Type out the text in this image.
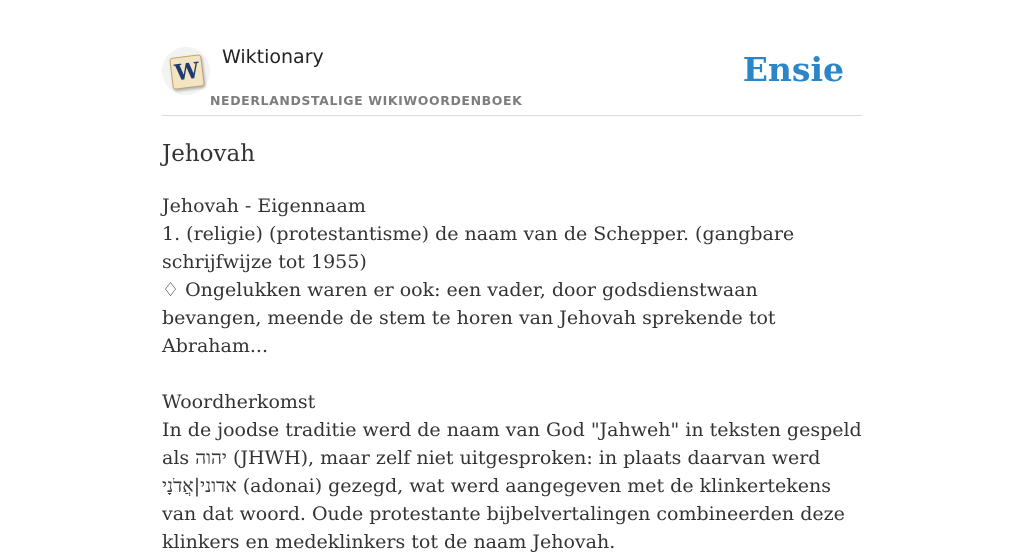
W
Wiktionary
NEDERLANDSTALIGE WIKIWOORDENBOEK
Ensie
Jehovah
Jehovah - Eigennaam
1. (religie) (protestantisme) de naam van de Schepper. (gangbare schrijfwijze tot 1955)
♢ Ongelukken waren er ook: een vader, door godsdienstwaan bevangen, meende de stem te horen van Jehovah sprekende tot Abraham...
Woordherkomst
In de joodse traditie werd de naam van God "Jahweh" in teksten gespeld als יהוה (JHWH), maar zelf niet uitgesproken: in plaats daarvan werd אדוני|אֲדֹנָי (adonai) gezegd, wat werd aangegeven met de klinkertekens van dat woord. Oude protestante bijbelvertalingen combineerden deze klinkers en medeklinkers tot de naam Jehovah.
